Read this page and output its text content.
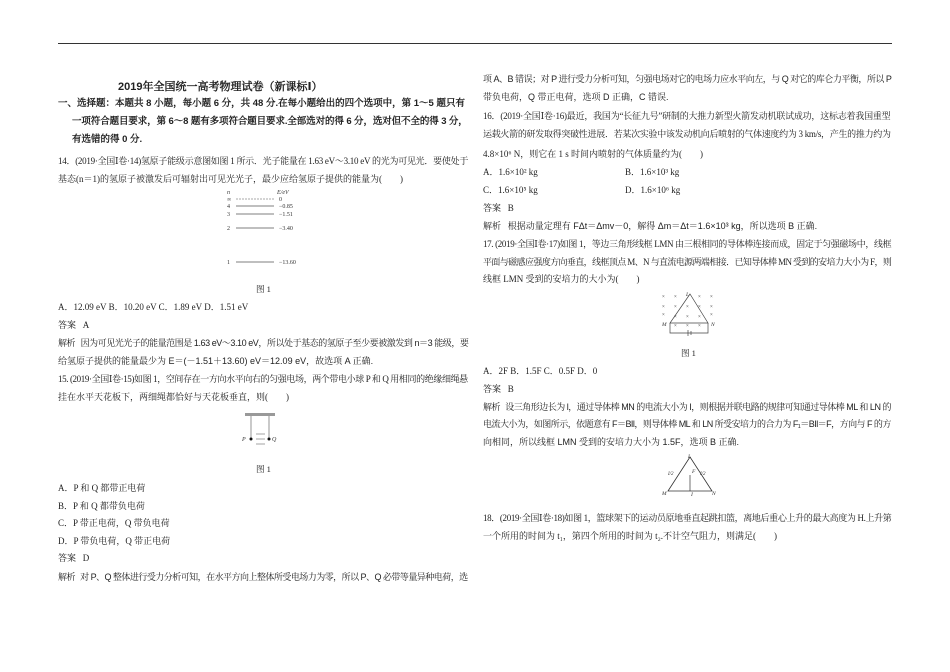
2019年全国统一高考物理试卷（新课标Ⅰ）
一、选择题：本题共 8 小题，每小题 6 分，共 48 分.在每小题给出的四个选项中，第 1～5 题只有
一项符合题目要求，第 6～8 题有多项符合题目要求.全部选对的得 6 分，选对但不全的得 3 分，
有选错的得 0 分.
14．(2019·全国Ⅰ卷·14)氢原子能级示意图如图 1 所示．光子能量在 1.63 eV～3.10 eV 的光为可见光．要使处于
基态(n＝1)的氢原子被激发后可辐射出可见光光子，最少应给氢原子提供的能量为(　　)
n	E/eV
∞
4
3
2
1
0
−0.85
−1.51
−3.40
−13.60
图 1
A．12.09 eV B．10.20 eV C．1.89 eV D．1.51 eV
答案 A
解析 因为可见光光子的能量范围是 1.63 eV～3.10 eV，所以处于基态的氢原子至少要被激发到 n＝3 能级，要
给氢原子提供的能量最少为 E＝(－1.51＋13.60) eV＝12.09 eV，故选项 A 正确.
15. (2019·全国Ⅰ卷·15)如图 1，空间存在一方向水平向右的匀强电场，两个带电小球 P 和 Q 用相同的绝缘细绳悬
挂在水平天花板下，两细绳都恰好与天花板垂直，则(　　)
P	Q
图 1
A．P 和 Q 都带正电荷
B．P 和 Q 都带负电荷
C．P 带正电荷，Q 带负电荷
D．P 带负电荷，Q 带正电荷
答案 D
解析 对 P、Q 整体进行受力分析可知，在水平方向上整体所受电场力为零，所以 P、Q 必带等量异种电荷，选
项 A、B 错误；对 P 进行受力分析可知，匀强电场对它的电场力应水平向左，与 Q 对它的库仑力平衡，所以 P
带负电荷，Q 带正电荷，选项 D 正确，C 错误.
16．(2019·全国Ⅰ卷·16)最近，我国为“长征九号”研制的大推力新型火箭发动机联试成功，这标志着我国重型
运载火箭的研发取得突破性进展．若某次实验中该发动机向后喷射的气体速度约为 3 km/s，产生的推力约为
4.8×10⁶ N，则它在 1 s 时间内喷射的气体质量约为(　　)
A．1.6×10² kg	B．1.6×10³ kg
C．1.6×10⁵ kg	D．1.6×10⁶ kg
答案 B
解析 根据动量定理有 FΔt＝Δmv－0，解得 Δm＝Δt＝1.6×10³ kg，所以选项 B 正确.
17. (2019·全国Ⅰ卷·17)如图 1，等边三角形线框 LMN 由三根相同的导体棒连接而成，固定于匀强磁场中，线框
平面与磁感应强度方向垂直，线框顶点 M、N 与直流电源两端相接．已知导体棒 MN 受到的安培力大小为 F，则
线框 LMN 受到的安培力的大小为(　　)
× ×	× ×
× × × × ×
× × × × ×
× × ×
L
M	N
图 1
A．2F B．1.5F C．0.5F D．0
答案 B
解析 设三角形边长为 l，通过导体棒 MN 的电流大小为 I，则根据并联电路的规律可知通过导体棒 ML 和 LN 的
电流大小为，如图所示，依题意有 F＝BIl，则导体棒 ML 和 LN 所受安培力的合力为 F₁＝BIl＝F，方向与 F 的方
向相同，所以线框 LMN 受到的安培力大小为 1.5F，选项 B 正确.
L
M	N
F
I
I/2	I/2
18．(2019·全国Ⅰ卷·18)如图 1，篮球架下的运动员原地垂直起跳扣篮，离地后重心上升的最大高度为 H.上升第
一个所用的时间为 t₁，第四个所用的时间为 t₂.不计空气阻力，则满足(　　)
